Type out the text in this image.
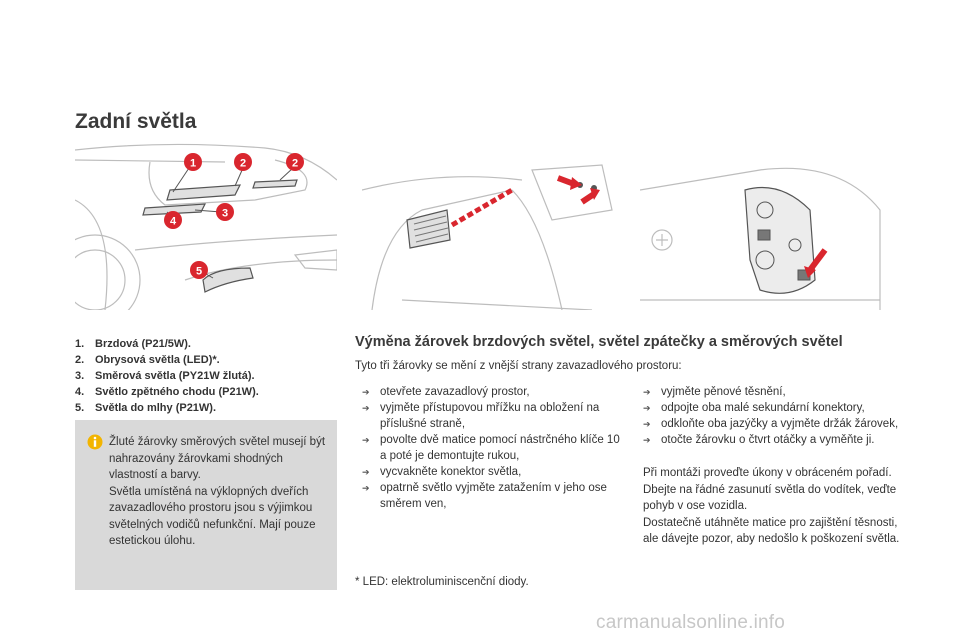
Zadní světla
1	2	2
3
4
5
1. Brzdová (P21/5W).
2. Obrysová světla (LED)*.
3. Směrová světla (PY21W žlutá).
4. Světlo zpětného chodu (P21W).
5. Světla do mlhy (P21W).

Žluté žárovky směrových světel musejí být nahrazovány žárovkami shodných vlastností a barvy.

Světla umístěná na výklopných dveřích zavazadlového prostoru jsou s výjimkou světelných vodičů nefunkční. Mají pouze estetickou úlohu.

Výměna žárovek brzdových světel, světel zpátečky a směrových světel

Tyto tři žárovky se mění z vnější strany zavazadlového prostoru:

➔ otevřete zavazadlový prostor,
➔ vyjměte přístupovou mřížku na obložení na příslušné straně,
➔ povolte dvě matice pomocí nástrčného klíče 10 a poté je demontujte rukou,
➔ vycvakněte konektor světla,
➔ opatrně světlo vyjměte zatažením v jeho ose směrem ven,
➔ vyjměte pěnové těsnění,
➔ odpojte oba malé sekundární konektory,
➔ odkloňte oba jazýčky a vyjměte držák žárovek,
➔ otočte žárovku o čtvrt otáčky a vyměňte ji.
Při montáži proveďte úkony v obráceném pořadí.
Dbejte na řádné zasunutí světla do vodítek, veďte pohyb v ose vozidla.
Dostatečně utáhněte matice pro zajištění těsnosti, ale dávejte pozor, aby nedošlo k poškození světla.

* LED: elektroluminiscenční diody.

carmanualsonline.info
